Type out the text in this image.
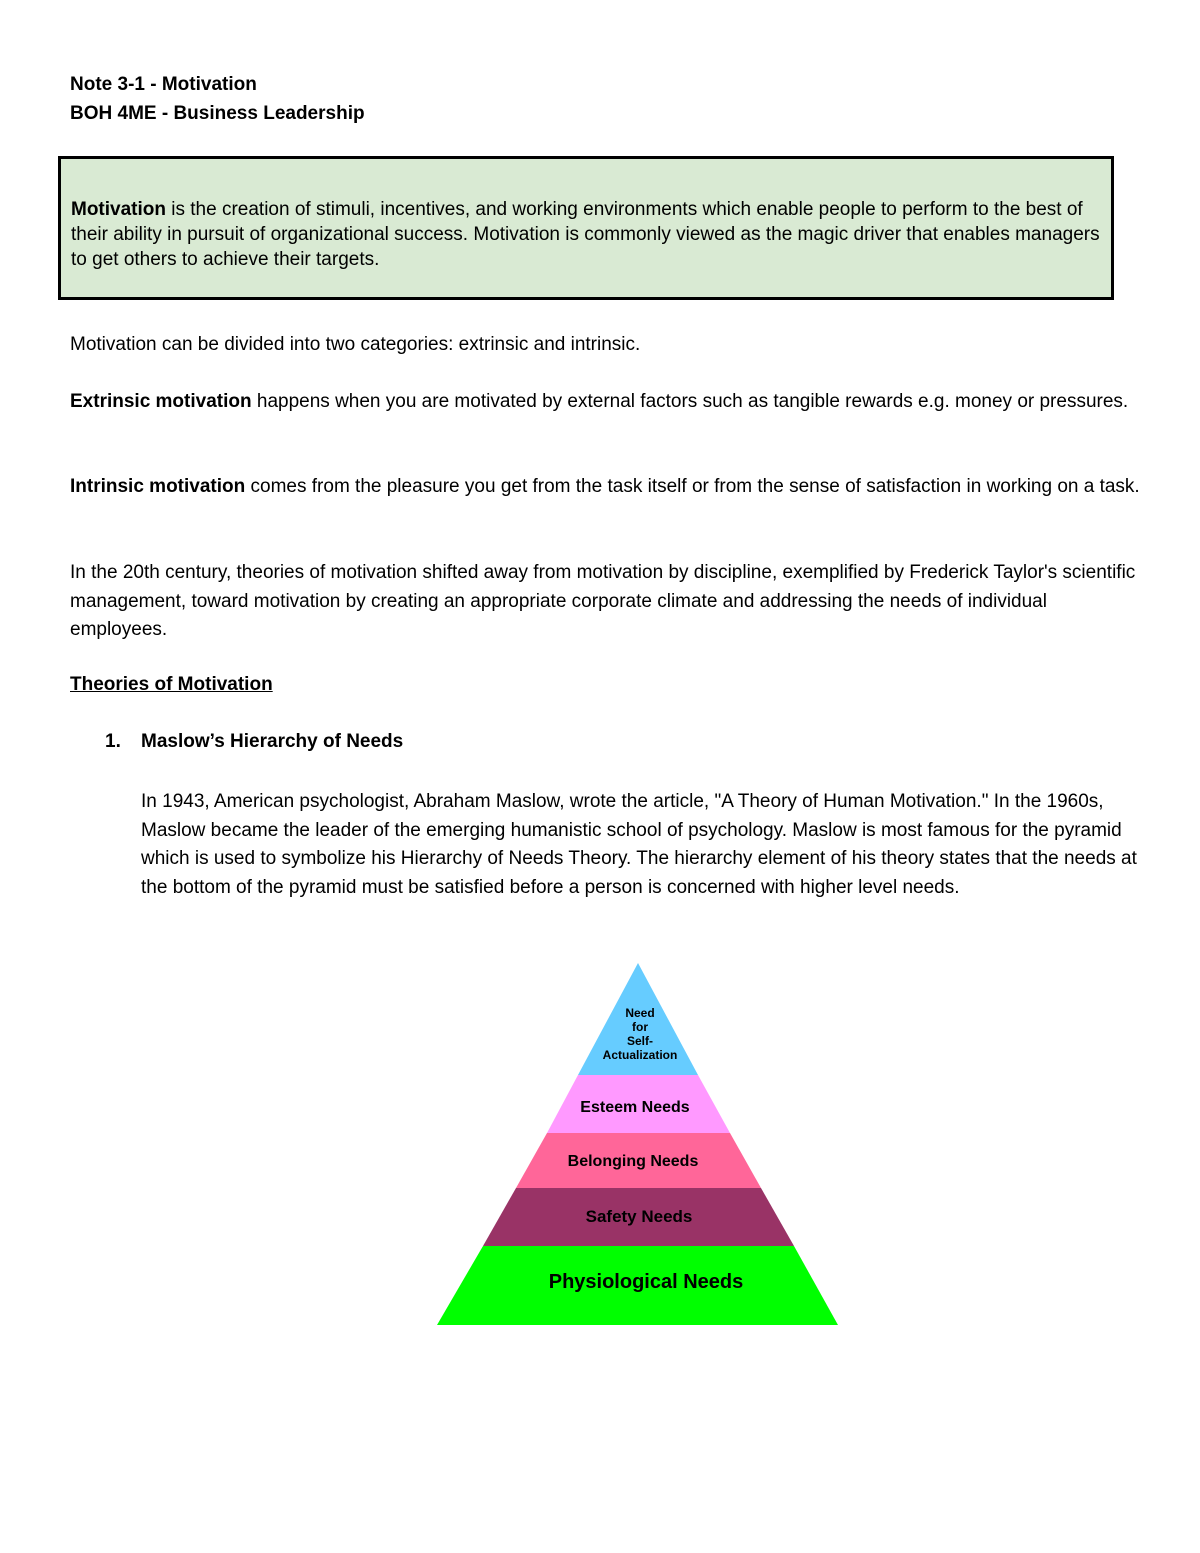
Note 3-1 - Motivation
BOH 4ME - Business Leadership

Motivation is the creation of stimuli, incentives, and working environments which enable people to perform to the best of their ability in pursuit of organizational success. Motivation is commonly viewed as the magic driver that enables managers to get others to achieve their targets.

Motivation can be divided into two categories: extrinsic and intrinsic.

Extrinsic motivation happens when you are motivated by external factors such as tangible rewards e.g. money or pressures.

Intrinsic motivation comes from the pleasure you get from the task itself or from the sense of satisfaction in working on a task.

In the 20th century, theories of motivation shifted away from motivation by discipline, exemplified by Frederick Taylor's scientific management, toward motivation by creating an appropriate corporate climate and addressing the needs of individual employees.

Theories of Motivation
1. Maslow’s Hierarchy of Needs

In 1943, American psychologist, Abraham Maslow, wrote the article, "A Theory of Human Motivation." In the 1960s, Maslow became the leader of the emerging humanistic school of psychology. Maslow is most famous for the pyramid which is used to symbolize his Hierarchy of Needs Theory. The hierarchy element of his theory states that the needs at the bottom of the pyramid must be satisfied before a person is concerned with higher level needs.

Need
for
Self-
Actualization
Esteem Needs
Belonging Needs
Safety Needs
Physiological Needs
